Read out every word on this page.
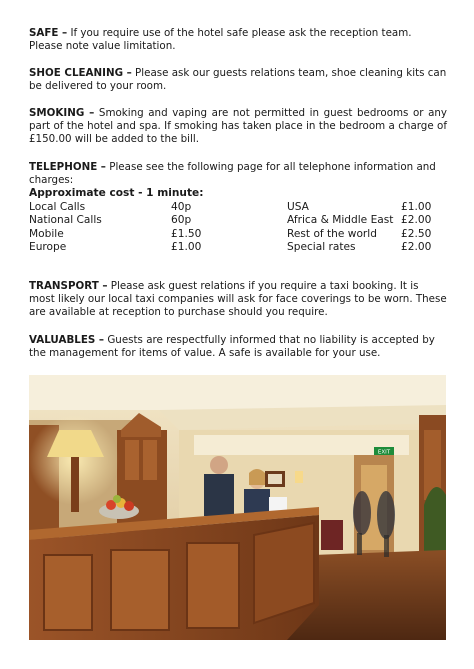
SAFE – If you require use of the hotel safe please ask the reception team. Please note value limitation.
SHOE CLEANING – Please ask our guests relations team, shoe cleaning kits can be delivered to your room.
SMOKING – Smoking and vaping are not permitted in guest bedrooms or any part of the hotel and spa. If smoking has taken place in the bedroom a charge of £150.00 will be added to the bill.
TELEPHONE – Please see the following page for all telephone information and charges:
Approximate cost - 1 minute:
Local Calls
National Calls
Mobile
Europe
40p
60p
£1.50
£1.00
USA
Africa & Middle East
Rest of the world
Special rates
£1.00
£2.00
£2.50
£2.00
TRANSPORT – Please ask guest relations if you require a taxi booking. It is most likely our local taxi companies will ask for face coverings to be worn. These are available at reception to purchase should you require.
VALUABLES – Guests are respectfully informed that no liability is accepted by the management for items of value. A safe is available for your use.
EXIT
